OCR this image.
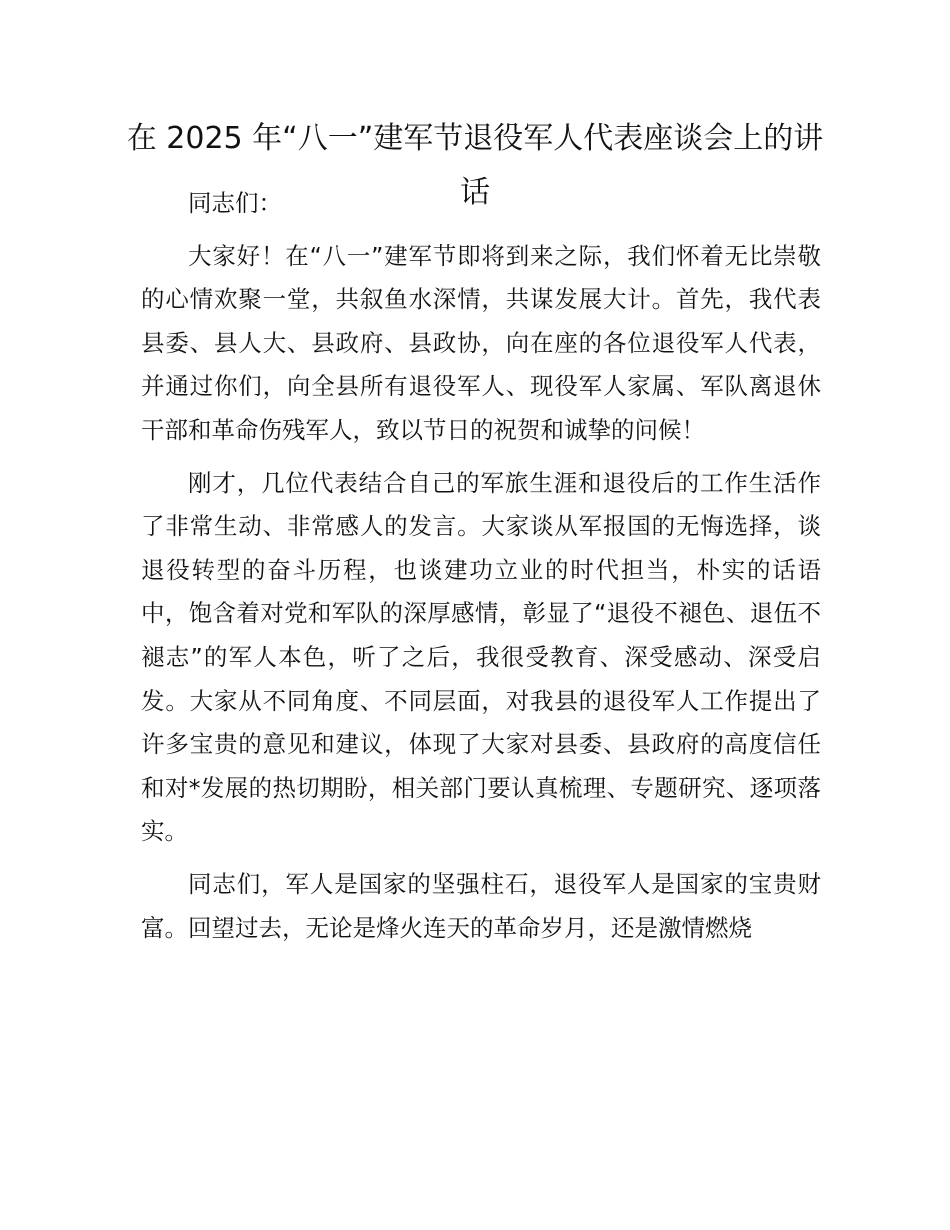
在 2025 年“八一”建军节退役军人代表座谈会上的讲话

同志们：

大家好！在“八一”建军节即将到来之际，我们怀着无比崇敬的心情欢聚一堂，共叙鱼水深情，共谋发展大计。首先，我代表县委、县人大、县政府、县政协，向在座的各位退役军人代表，并通过你们，向全县所有退役军人、现役军人家属、军队离退休干部和革命伤残军人，致以节日的祝贺和诚挚的问候！

刚才，几位代表结合自己的军旅生涯和退役后的工作生活作了非常生动、非常感人的发言。大家谈从军报国的无悔选择，谈退役转型的奋斗历程，也谈建功立业的时代担当，朴实的话语中，饱含着对党和军队的深厚感情，彰显了“退役不褪色、退伍不褪志”的军人本色，听了之后，我很受教育、深受感动、深受启发。大家从不同角度、不同层面，对我县的退役军人工作提出了许多宝贵的意见和建议，体现了大家对县委、县政府的高度信任和对*发展的热切期盼，相关部门要认真梳理、专题研究、逐项落实。

同志们，军人是国家的坚强柱石，退役军人是国家的宝贵财富。回望过去，无论是烽火连天的革命岁月，还是激情燃烧
